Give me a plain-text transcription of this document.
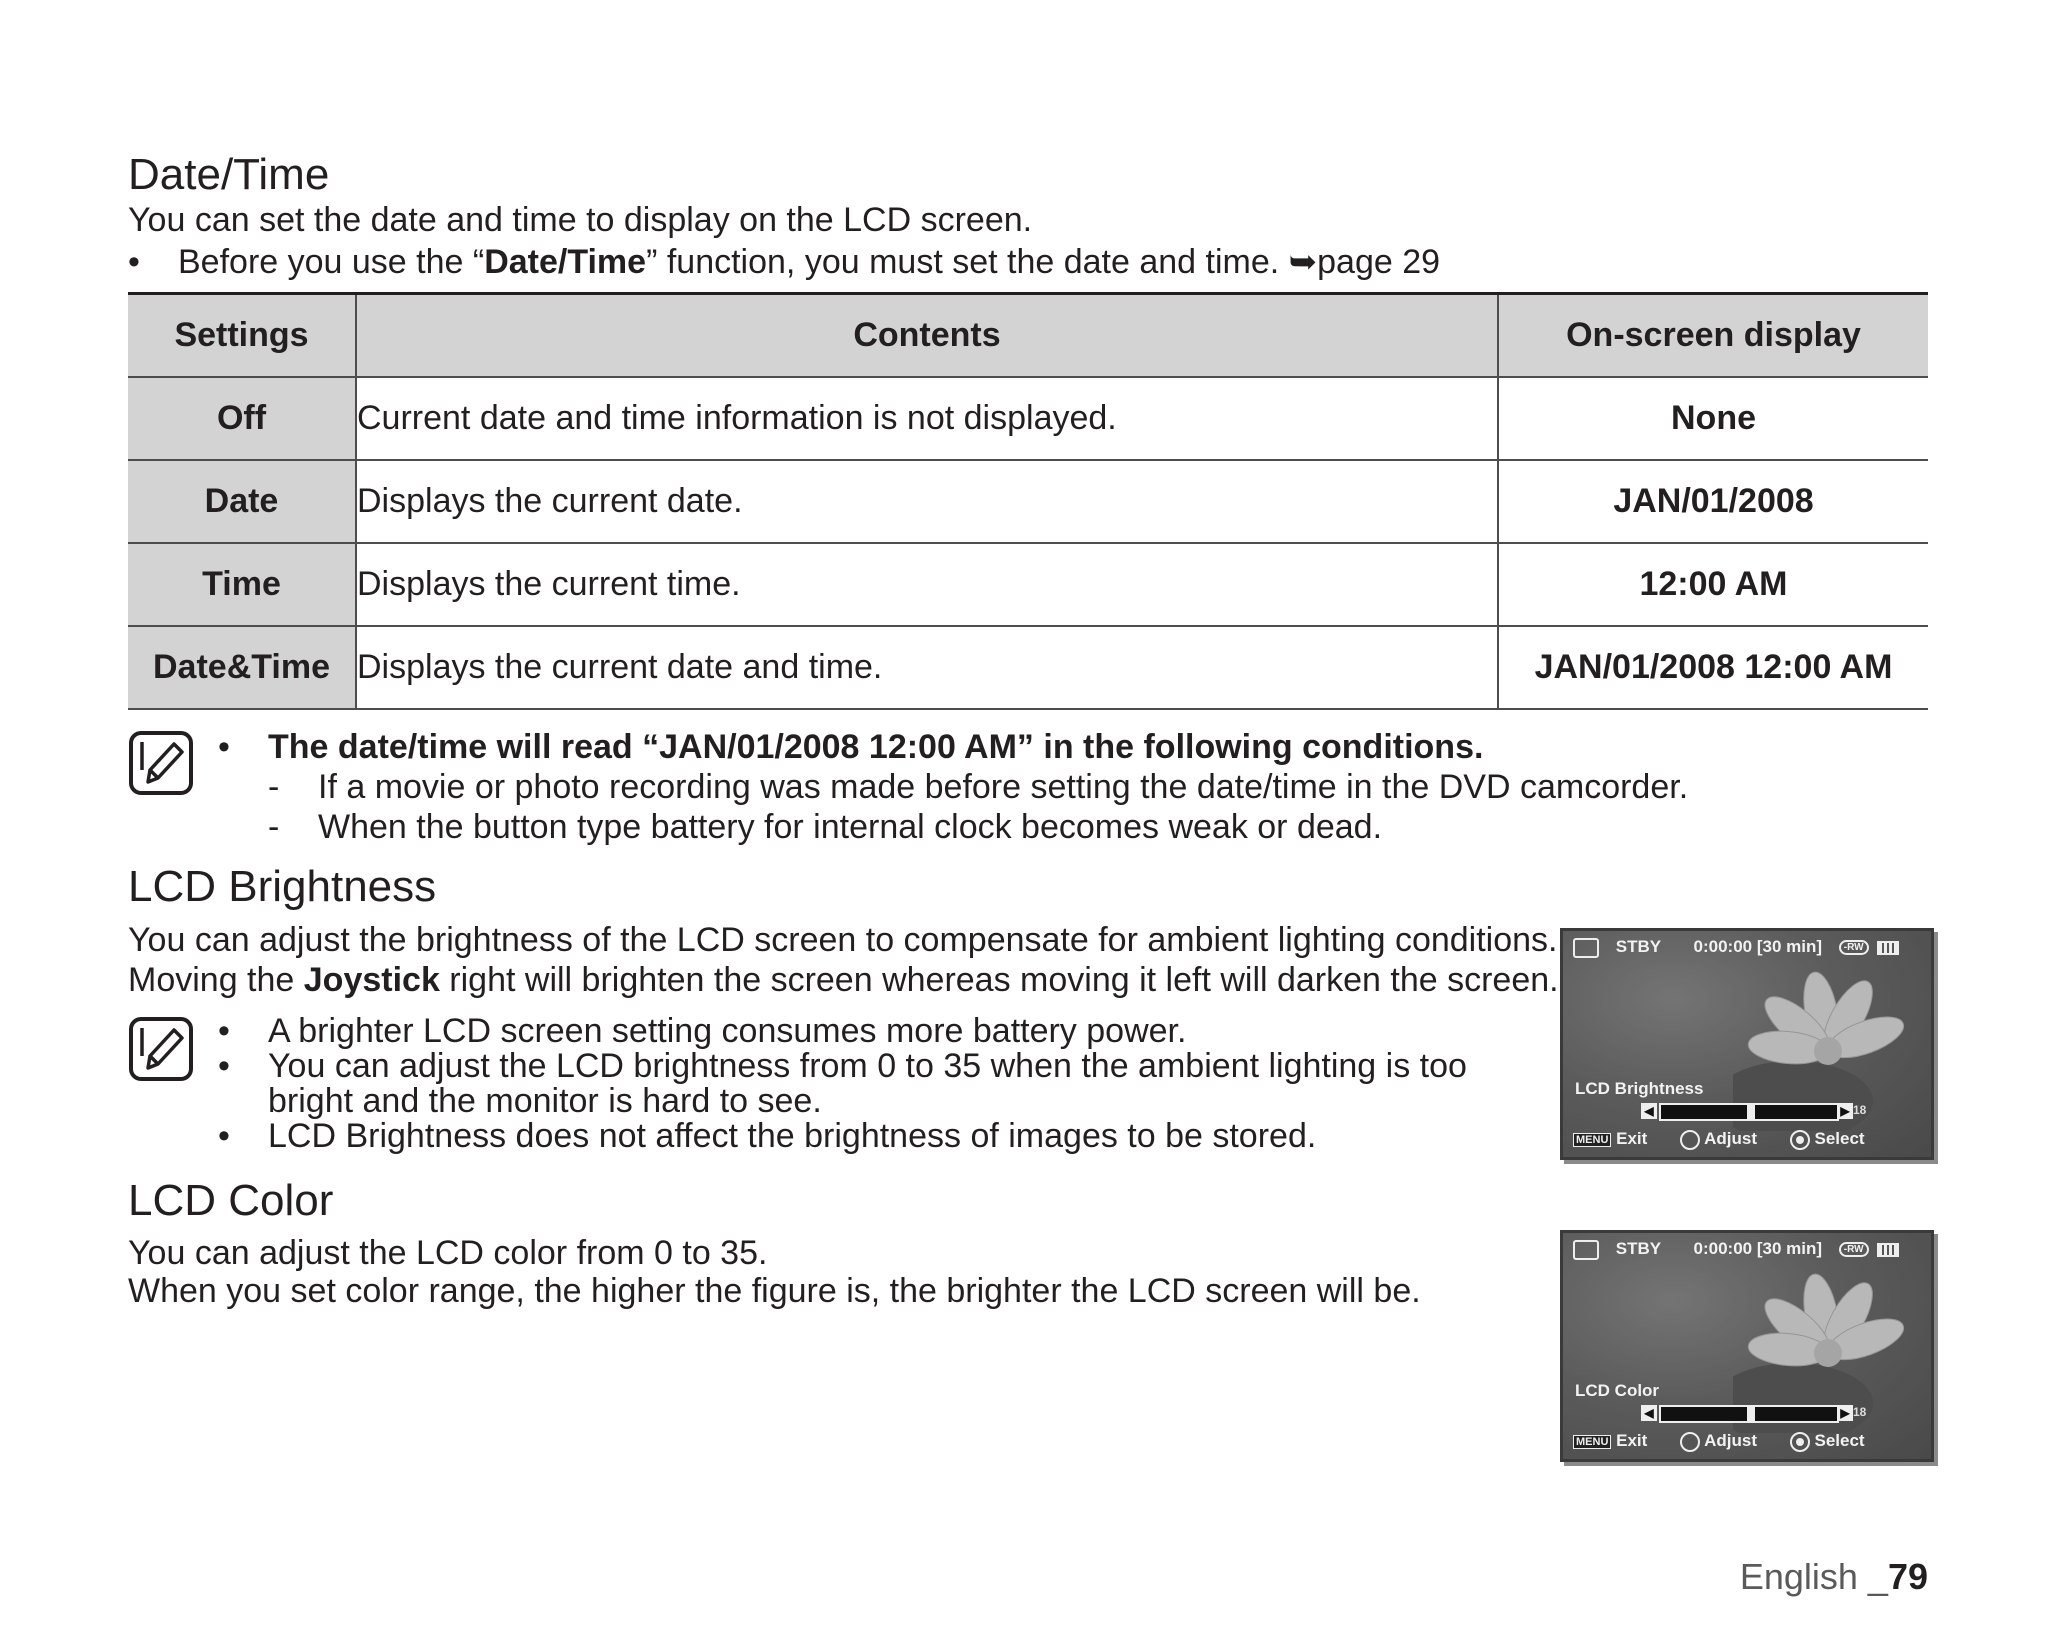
Date/Time
You can set the date and time to display on the LCD screen.
• Before you use the “Date/Time” function, you must set the date and time. ➥page 29
Settings	Contents	On-screen display
Off	Current date and time information is not displayed.	None
Date	Displays the current date.	JAN/01/2008
Time	Displays the current time.	12:00 AM
Date&Time	Displays the current date and time.	JAN/01/2008 12:00 AM
• The date/time will read “JAN/01/2008 12:00 AM” in the following conditions.
- If a movie or photo recording was made before setting the date/time in the DVD camcorder.
- When the button type battery for internal clock becomes weak or dead.
LCD Brightness
You can adjust the brightness of the LCD screen to compensate for ambient lighting conditions.
Moving the Joystick right will brighten the screen whereas moving it left will darken the screen.
• A brighter LCD screen setting consumes more battery power.
• You can adjust the LCD brightness from 0 to 35 when the ambient lighting is too
bright and the monitor is hard to see.
• LCD Brightness does not affect the brightness of images to be stored.
LCD Color
You can adjust the LCD color from 0 to 35.
When you set color range, the higher the figure is, the brighter the LCD screen will be.
STBY 0:00:00 [30 min] -RW
LCD Brightness
◀	▶ 18
MENU Exit	Adjust	Select
STBY 0:00:00 [30 min] -RW
LCD Color
◀	▶ 18
MENU Exit	Adjust	Select
English _79
